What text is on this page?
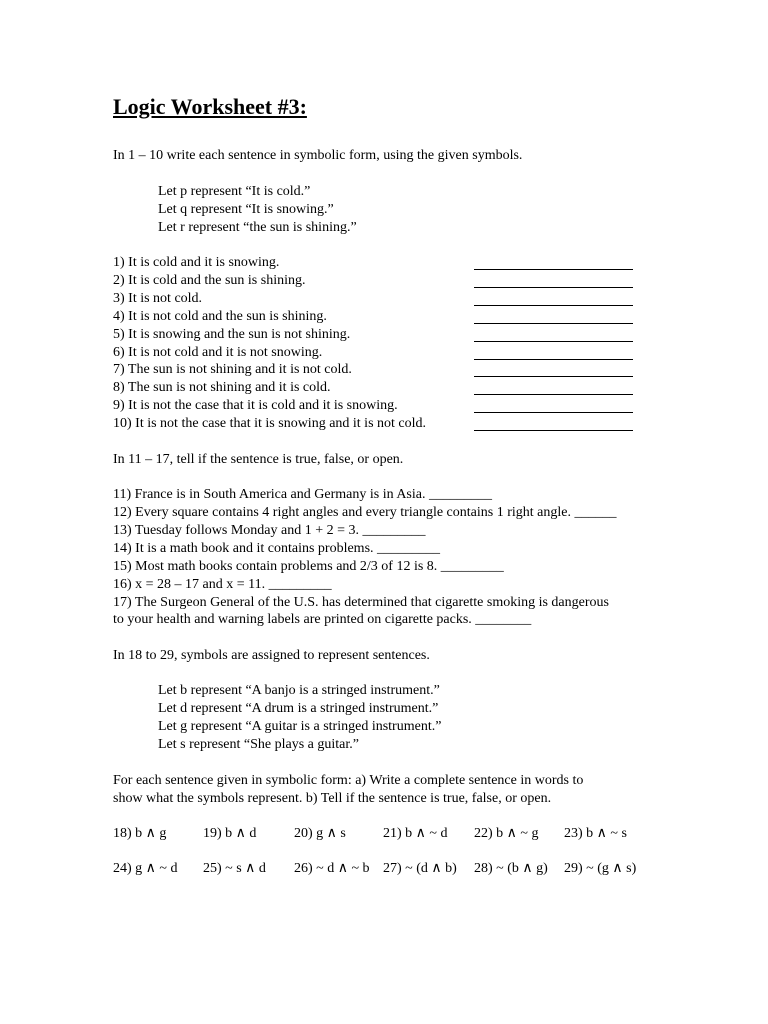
Logic Worksheet #3:
In 1 – 10 write each sentence in symbolic form, using the given symbols.
Let p represent “It is cold.”
Let q represent “It is snowing.”
Let r represent “the sun is shining.”
1) It is cold and it is snowing.
2) It is cold and the sun is shining.
3) It is not cold.
4) It is not cold and the sun is shining.
5) It is snowing and the sun is not shining.
6) It is not cold and it is not snowing.
7) The sun is not shining and it is not cold.
8) The sun is not shining and it is cold.
9) It is not the case that it is cold and it is snowing.
10) It is not the case that it is snowing and it is not cold.
In 11 – 17, tell if the sentence is true, false, or open.
11) France is in South America and Germany is in Asia. _________
12) Every square contains 4 right angles and every triangle contains 1 right angle. ______
13) Tuesday follows Monday and 1 + 2 = 3. _________
14) It is a math book and it contains problems. _________
15) Most math books contain problems and 2/3 of 12 is 8. _________
16) x = 28 – 17 and x = 11. _________
17) The Surgeon General of the U.S. has determined that cigarette smoking is dangerous
to your health and warning labels are printed on cigarette packs. ________
In 18 to 29, symbols are assigned to represent sentences.
Let b represent “A banjo is a stringed instrument.”
Let d represent “A drum is a stringed instrument.”
Let g represent “A guitar is a stringed instrument.”
Let s represent “She plays a guitar.”
For each sentence given in symbolic form: a) Write a complete sentence in words to
show what the symbols represent. b) Tell if the sentence is true, false, or open.
18) b ∧ g	19) b ∧ d	20) g ∧ s	21) b ∧ ~ d 22) b ∧ ~ g 23) b ∧ ~ s
24) g ∧ ~ d 25) ~ s ∧ d 26) ~ d ∧ ~ b 27) ~ (d ∧ b) 28) ~ (b ∧ g) 29) ~ (g ∧ s)
